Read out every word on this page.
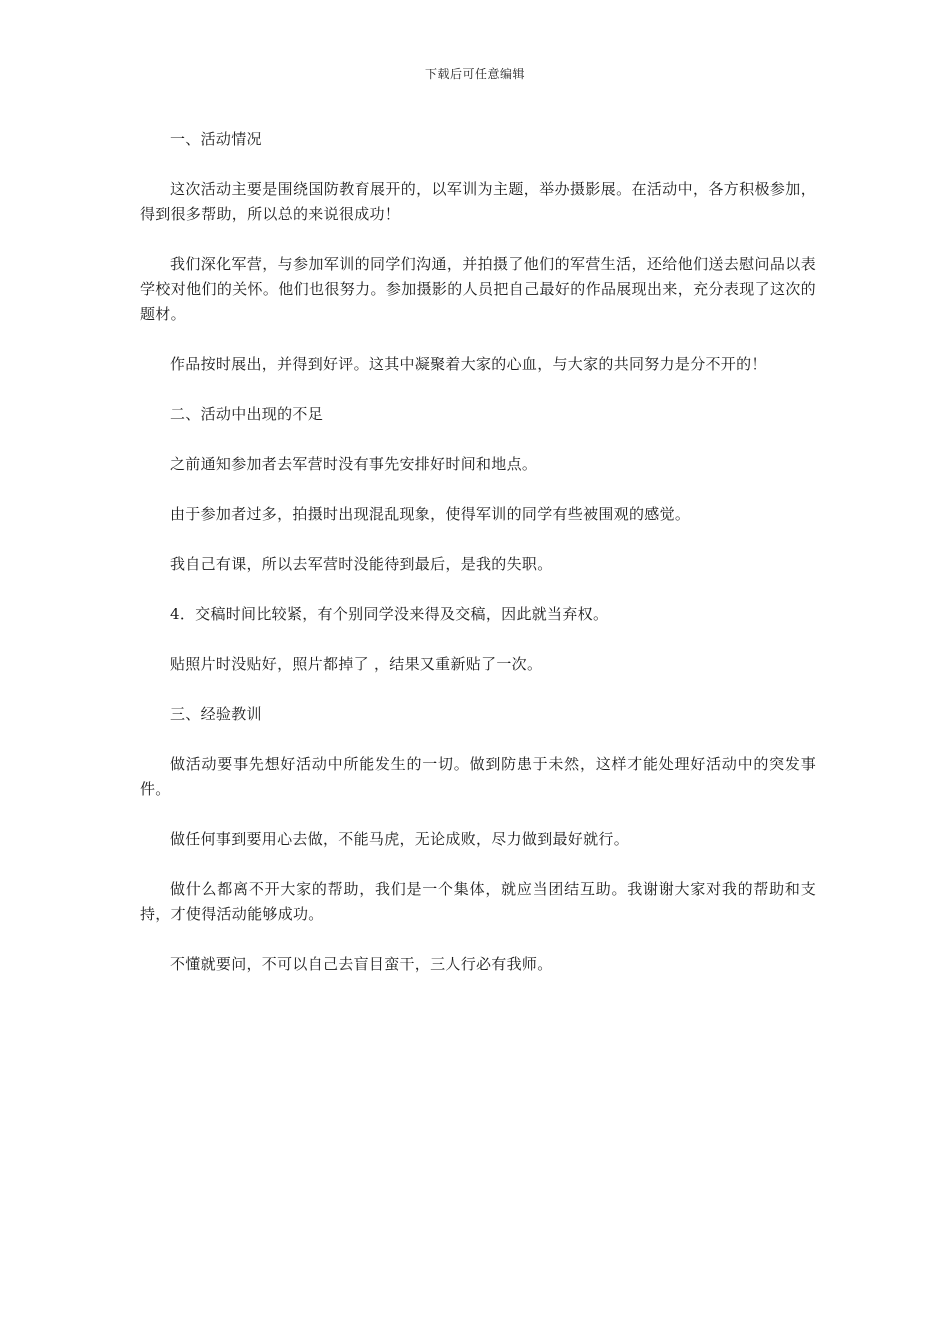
下载后可任意编辑

一、活动情况

这次活动主要是围绕国防教育展开的，以军训为主题，举办摄影展。在活动中，各方积极参加，得到很多帮助，所以总的来说很成功！

我们深化军营，与参加军训的同学们沟通，并拍摄了他们的军营生活，还给他们送去慰问品以表学校对他们的关怀。他们也很努力。参加摄影的人员把自己最好的作品展现出来，充分表现了这次的题材。

作品按时展出，并得到好评。这其中凝聚着大家的心血，与大家的共同努力是分不开的！

二、活动中出现的不足

之前通知参加者去军营时没有事先安排好时间和地点。

由于参加者过多，拍摄时出现混乱现象，使得军训的同学有些被围观的感觉。

我自己有课，所以去军营时没能待到最后，是我的失职。

4．交稿时间比较紧，有个别同学没来得及交稿，因此就当弃权。

贴照片时没贴好，照片都掉了 ，结果又重新贴了一次。

三、经验教训

做活动要事先想好活动中所能发生的一切。做到防患于未然，这样才能处理好活动中的突发事件。

做任何事到要用心去做，不能马虎，无论成败，尽力做到最好就行。

做什么都离不开大家的帮助，我们是一个集体，就应当团结互助。我谢谢大家对我的帮助和支持，才使得活动能够成功。

不懂就要问，不可以自己去盲目蛮干，三人行必有我师。
